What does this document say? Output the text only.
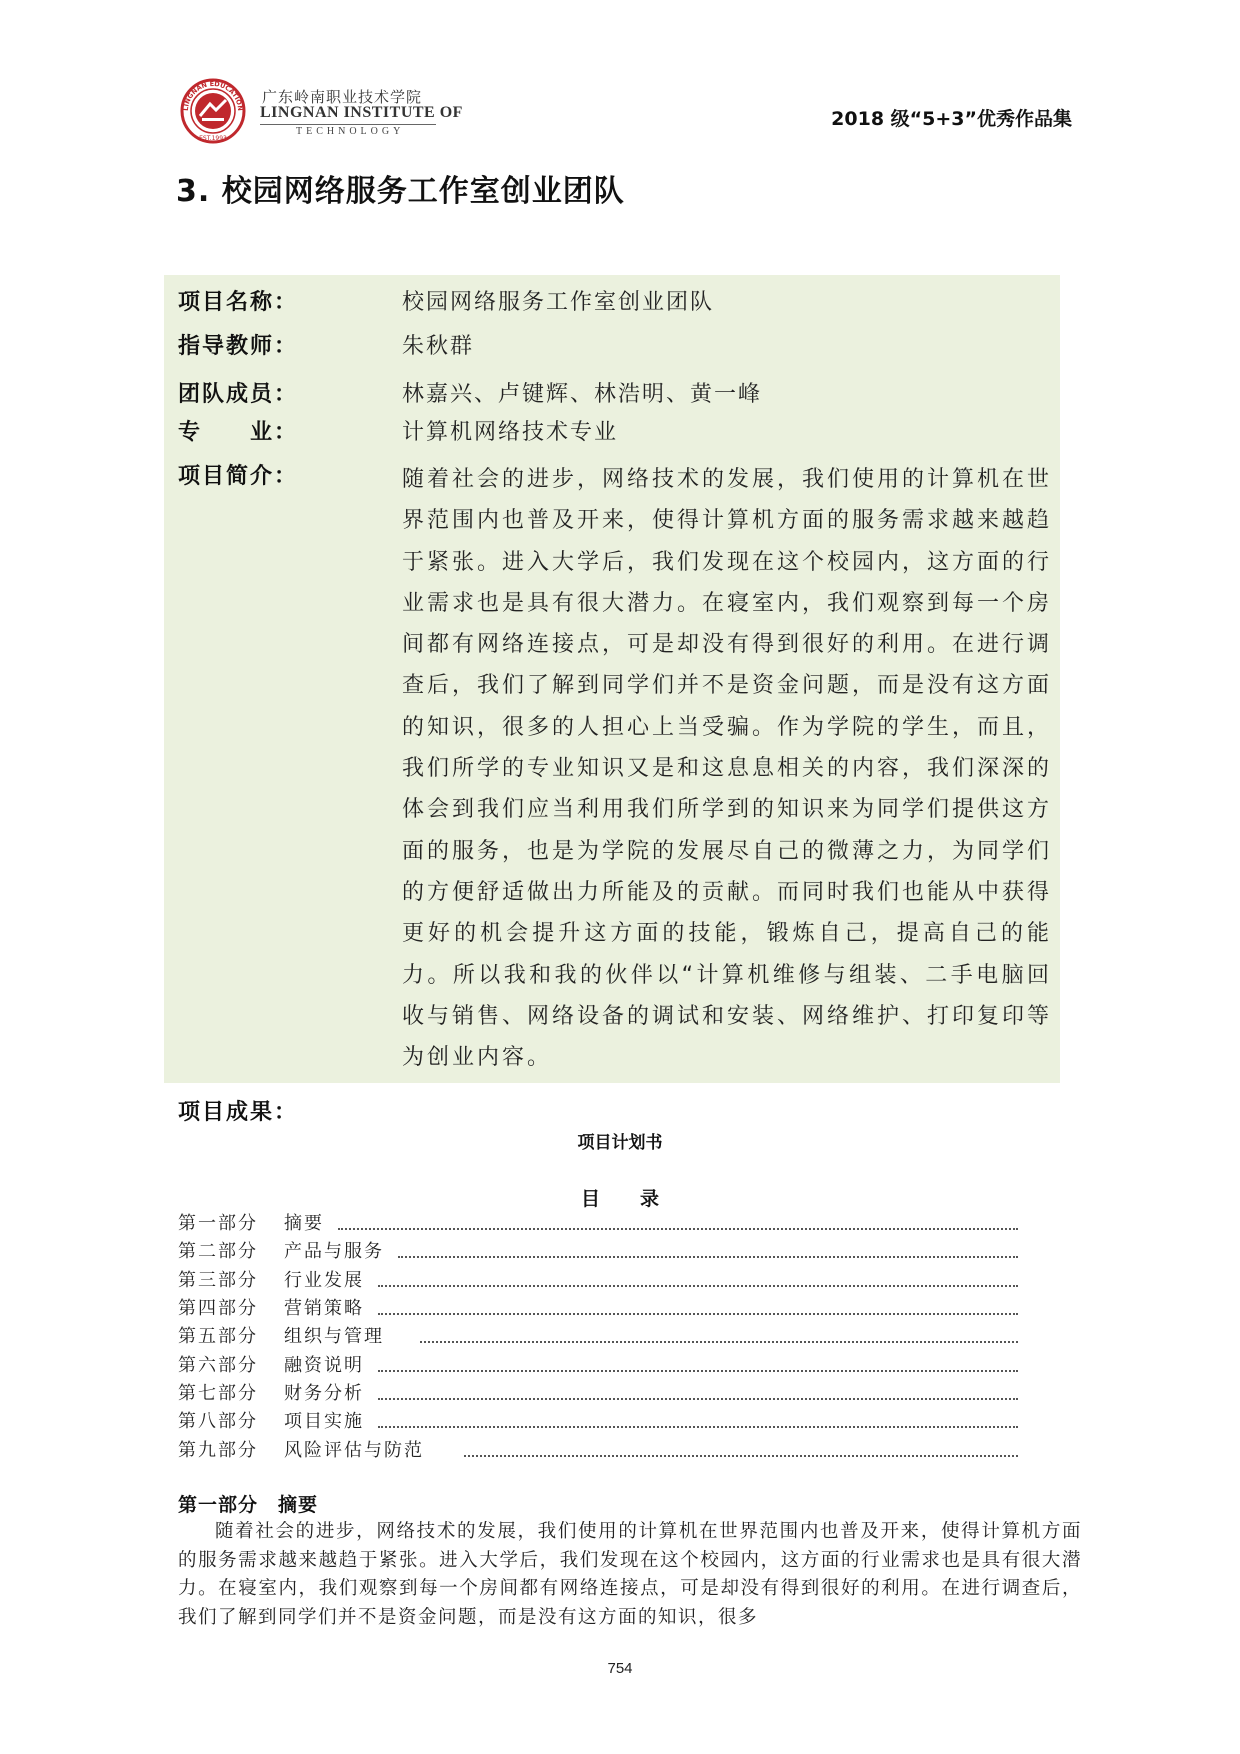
LINGNAN EDUCATION
EST.1993
广东岭南职业技术学院
LINGNAN INSTITUTE OF
TECHNOLOGY
2018 级“5+3”优秀作品集
3. 校园网络服务工作室创业团队
项目名称：	校园网络服务工作室创业团队
指导教师：	朱秋群
团队成员：	林嘉兴、卢键辉、林浩明、黄一峰
专　　业：	计算机网络技术专业
项目简介：	随着社会的进步，网络技术的发展，我们使用的计算机在世界范围内也普及开来，使得计算机方面的服务需求越来越趋于紧张。进入大学后，我们发现在这个校园内，这方面的行业需求也是具有很大潜力。在寝室内，我们观察到每一个房间都有网络连接点，可是却没有得到很好的利用。在进行调查后，我们了解到同学们并不是资金问题，而是没有这方面的知识，很多的人担心上当受骗。作为学院的学生，而且，我们所学的专业知识又是和这息息相关的内容，我们深深的体会到我们应当利用我们所学到的知识来为同学们提供这方面的服务，也是为学院的发展尽自己的微薄之力，为同学们的方便舒适做出力所能及的贡献。而同时我们也能从中获得更好的机会提升这方面的技能，锻炼自己，提高自己的能力。所以我和我的伙伴以“计算机维修与组装、二手电脑回收与销售、网络设备的调试和安装、网络维护、打印复印等为创业内容。
项目成果：
项目计划书
目录
第一部分	摘要
第二部分	产品与服务
第三部分	行业发展
第四部分	营销策略
第五部分	组织与管理
第六部分	融资说明
第七部分	财务分析
第八部分	项目实施
第九部分	风险评估与防范
第一部分　摘要
随着社会的进步，网络技术的发展，我们使用的计算机在世界范围内也普及开来，使得计算机方面的服务需求越来越趋于紧张。进入大学后，我们发现在这个校园内，这方面的行业需求也是具有很大潜力。在寝室内，我们观察到每一个房间都有网络连接点，可是却没有得到很好的利用。在进行调查后，我们了解到同学们并不是资金问题，而是没有这方面的知识，很多
754
